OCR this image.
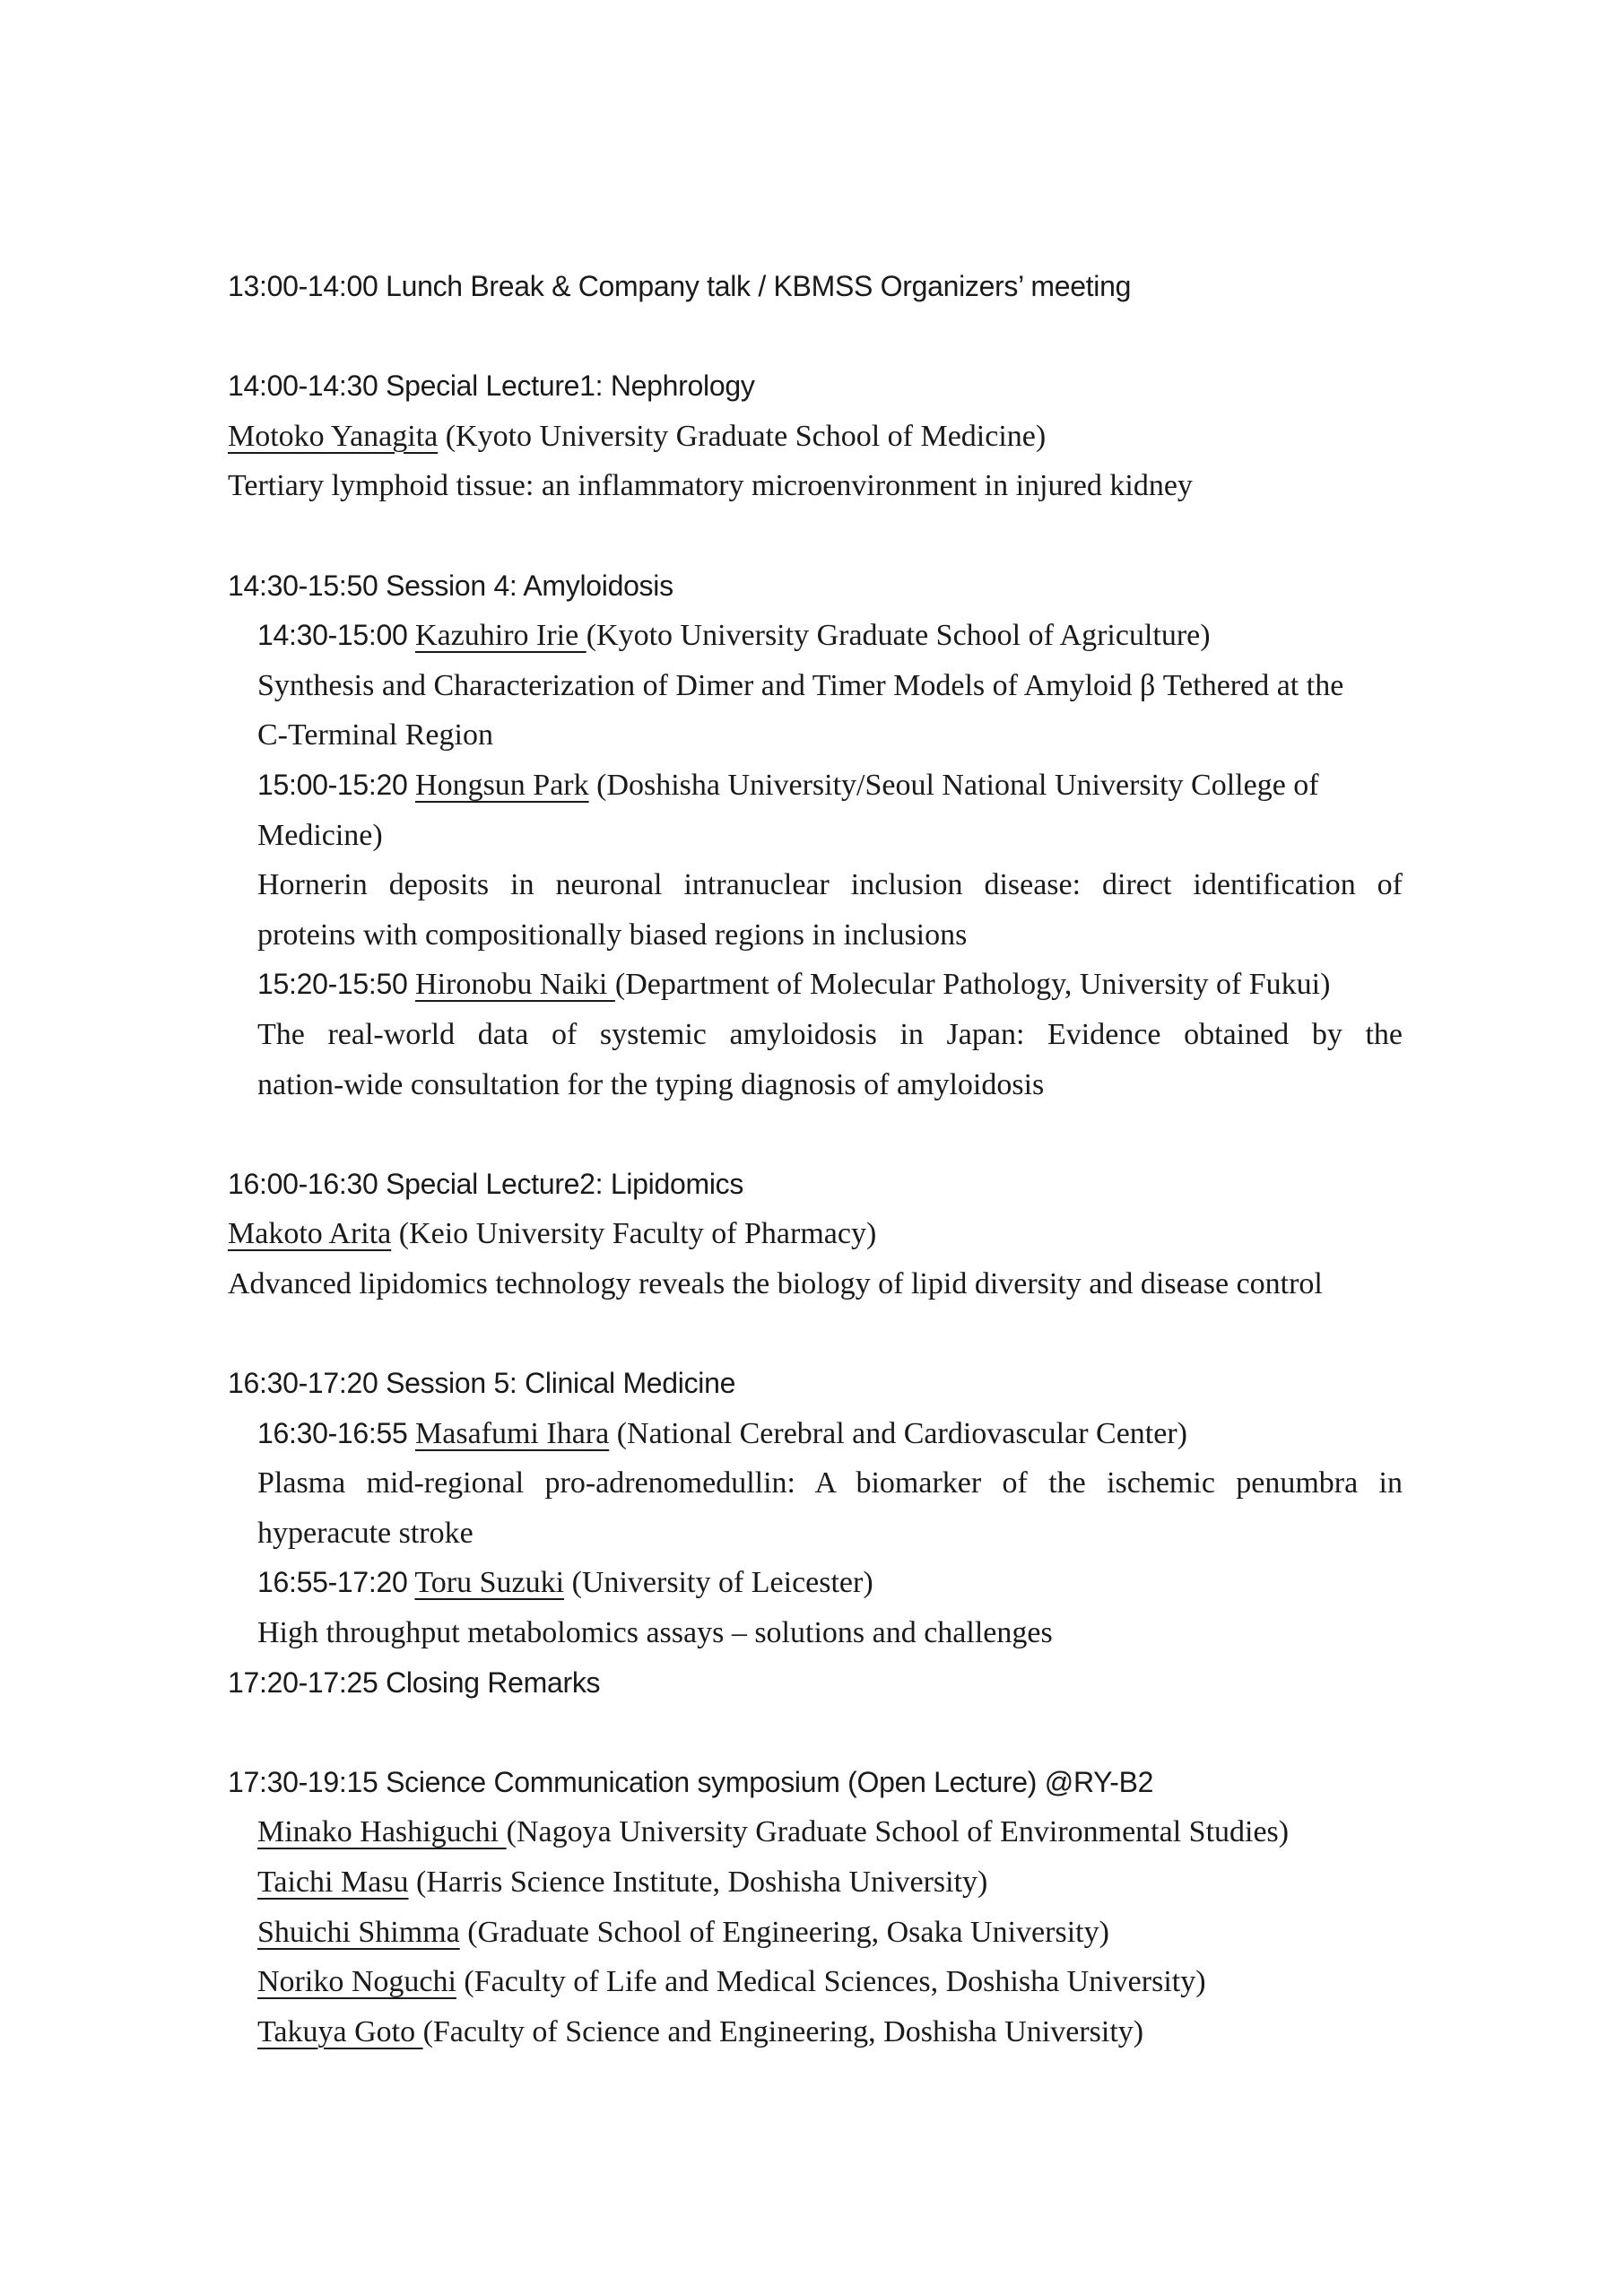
13:00-14:00 Lunch Break & Company talk / KBMSS Organizers’ meeting
14:00-14:30 Special Lecture1: Nephrology
Motoko Yanagita (Kyoto University Graduate School of Medicine)
Tertiary lymphoid tissue: an inflammatory microenvironment in injured kidney
14:30-15:50 Session 4: Amyloidosis
14:30-15:00 Kazuhiro Irie (Kyoto University Graduate School of Agriculture)
Synthesis and Characterization of Dimer and Timer Models of Amyloid β Tethered at the
C-Terminal Region
15:00-15:20 Hongsun Park (Doshisha University/Seoul National University College of
Medicine)
Hornerin deposits in neuronal intranuclear inclusion disease: direct identification of
proteins with compositionally biased regions in inclusions
15:20-15:50 Hironobu Naiki (Department of Molecular Pathology, University of Fukui)
The real-world data of systemic amyloidosis in Japan: Evidence obtained by the
nation-wide consultation for the typing diagnosis of amyloidosis
16:00-16:30 Special Lecture2: Lipidomics
Makoto Arita (Keio University Faculty of Pharmacy)
Advanced lipidomics technology reveals the biology of lipid diversity and disease control
16:30-17:20 Session 5: Clinical Medicine
16:30-16:55 Masafumi Ihara (National Cerebral and Cardiovascular Center)
Plasma mid-regional pro-adrenomedullin: A biomarker of the ischemic penumbra in
hyperacute stroke
16:55-17:20 Toru Suzuki (University of Leicester)
High throughput metabolomics assays – solutions and challenges
17:20-17:25 Closing Remarks
17:30-19:15 Science Communication symposium (Open Lecture) @RY-B2
Minako Hashiguchi (Nagoya University Graduate School of Environmental Studies)
Taichi Masu (Harris Science Institute, Doshisha University)
Shuichi Shimma (Graduate School of Engineering, Osaka University)
Noriko Noguchi (Faculty of Life and Medical Sciences, Doshisha University)
Takuya Goto (Faculty of Science and Engineering, Doshisha University)
